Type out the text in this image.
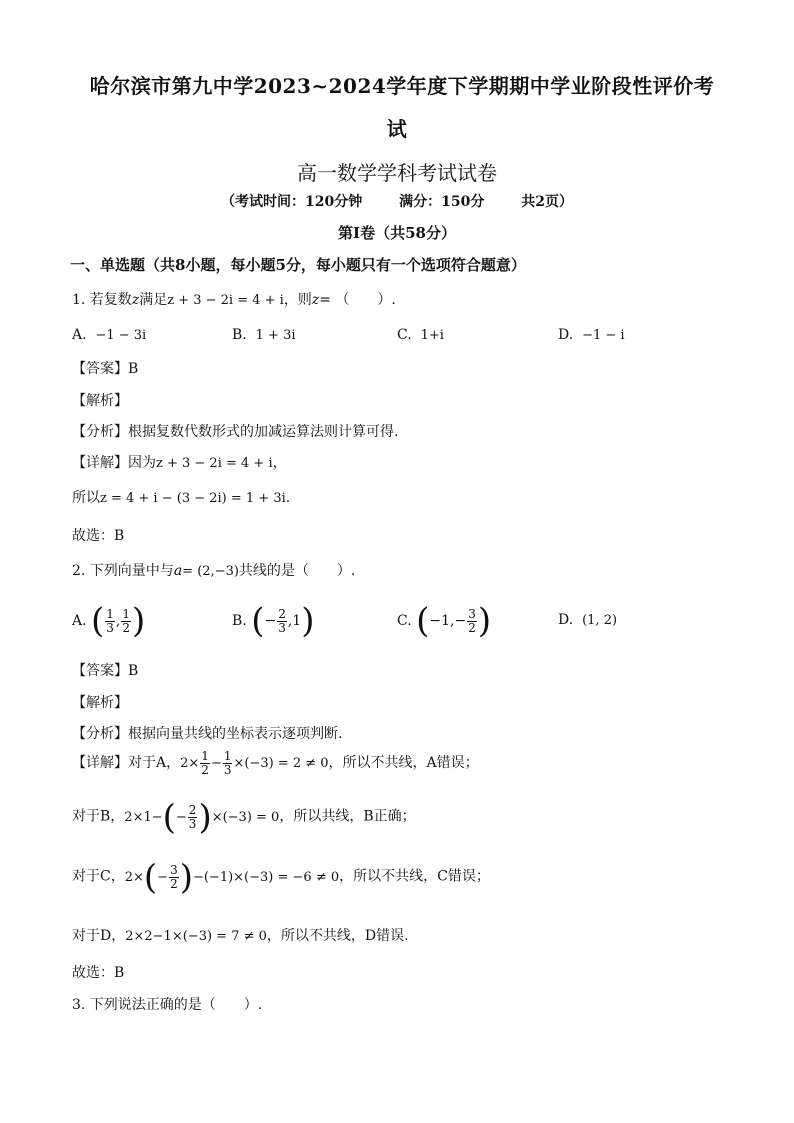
哈尔滨市第九中学2023~2024学年度下学期期中学业阶段性评价考
试
高一数学学科考试试卷
（考试时间：120分钟	满分：150分	共2页）
第Ⅰ卷（共58分）
一、单选题（共8小题，每小题5分，每小题只有一个选项符合题意）
1. 若复数z满足z + 3 − 2i = 4 + i，则z= （　　）.
A. −1 − 3i	B. 1 + 3i	C. 1+i	D. −1 − i
【答案】B
【解析】
【分析】根据复数代数形式的加减运算法则计算可得.
【详解】因为z + 3 − 2i = 4 + i，
所以z = 4 + i − (3 − 2i) = 1 + 3i.
故选：B
2. 下列向量中与a= (2,−3)共线的是（　　）.
A. ( $\frac{1}{3}$ , $\frac{1}{2}$ )	B. (− $\frac{2}{3} ,1$)	C. ($-1,- \frac{3}{2}$ )	D. (1, 2)
【答案】B
【解析】
【分析】根据向量共线的坐标表示逐项判断.
【详解】对于A，$2\times \frac{1}{2} - \frac{1}{3} \times(-3) = 2 \ne 0$，所以不共线，A错误；
对于B，$2\times 1-(- \frac{2}{3} )\times(-3) = 0$，所以共线，B正确；
对于C，$2\times(- \frac{3}{2} )-(-1)\times(-3) = -6 \ne 0$，所以不共线，C错误；
对于D，2×2−1×(−3) = 7 ≠ 0，所以不共线，D错误.
故选：B
3. 下列说法正确的是（　　）.
